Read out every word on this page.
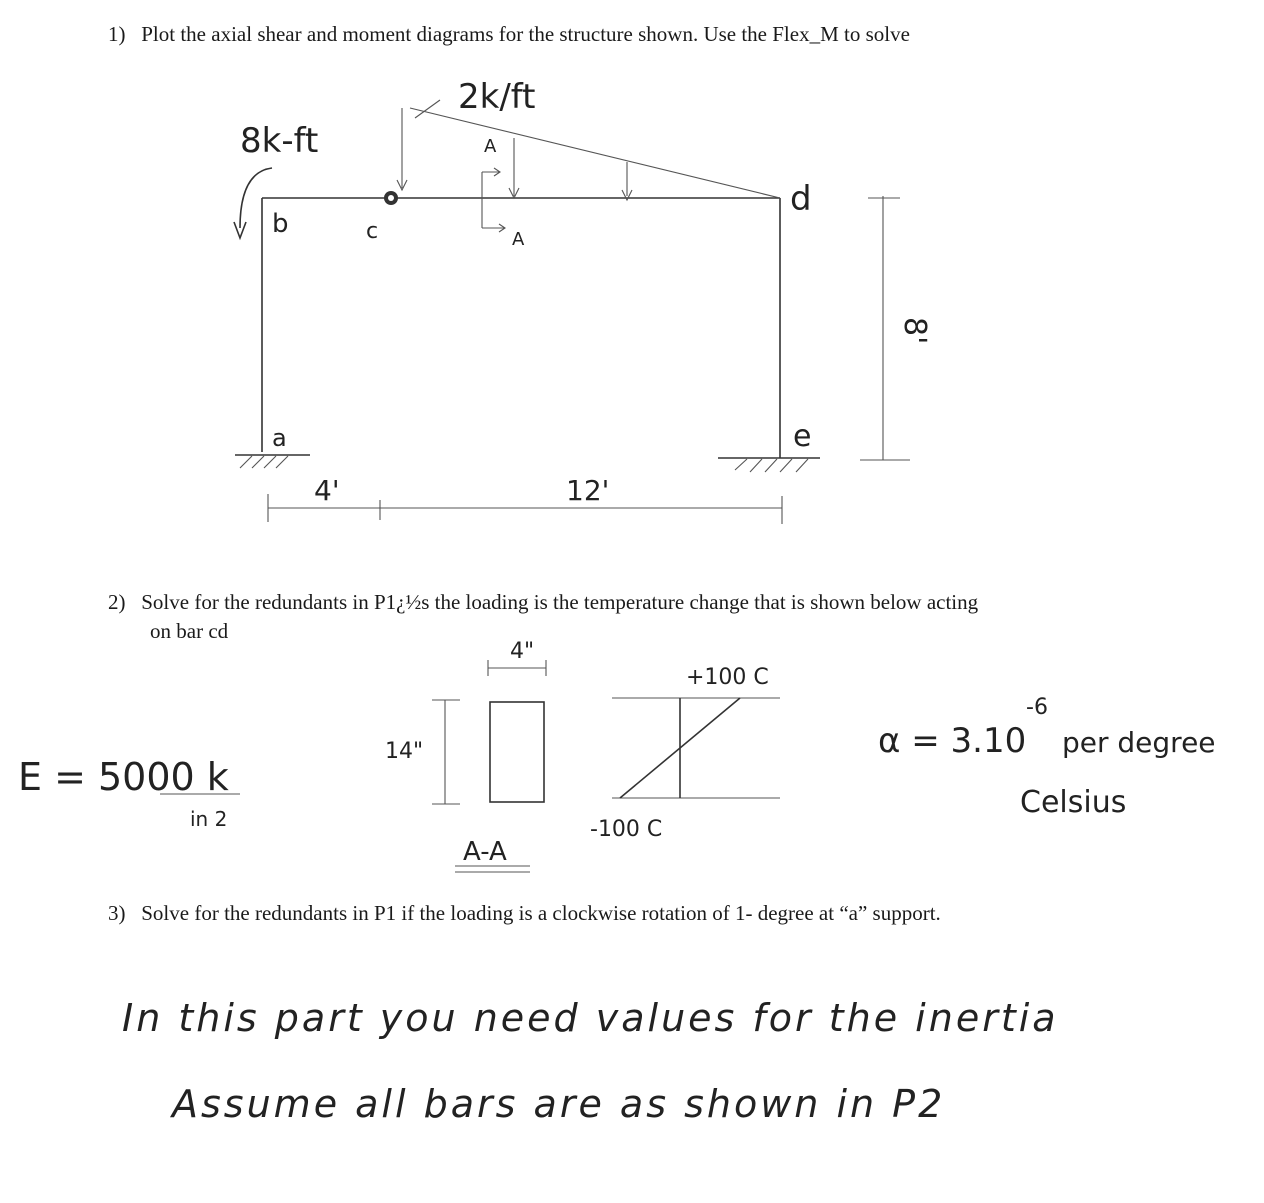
1) Plot the axial shear and moment diagrams for the structure shown. Use the Flex_M to solve
8k-ft
2k/ft
a
b	c
d
e
A
A
4'	12'
8'
2) Solve for the redundants in P1¿½s the loading is the temperature change that is shown below acting
on bar cd
4"
14"
A-A
+100 C
-100 C
E = 5000 k
in 2
α = 3.10
-6
per degree
Celsius
3) Solve for the redundants in P1 if the loading is a clockwise rotation of 1- degree at “a” support.
In this part you need values for the inertia
Assume all bars are as shown in P2
